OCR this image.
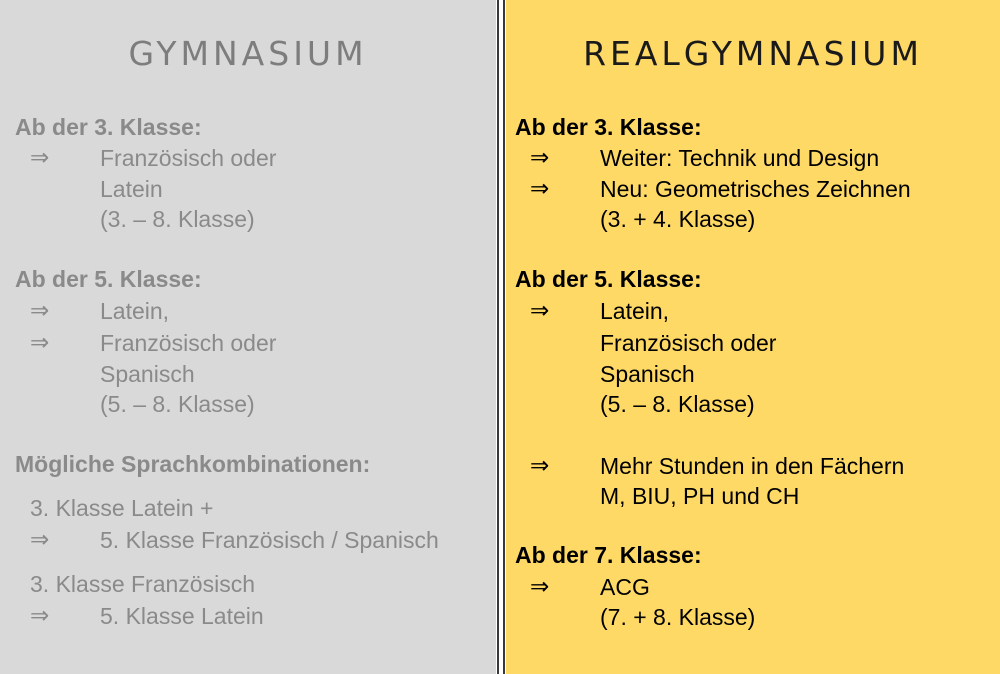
GYMNASIUM
Ab der 3. Klasse:
⇒ Französisch oder
Latein
(3. – 8. Klasse)
Ab der 5. Klasse:
⇒ Latein,
⇒ Französisch oder
Spanisch
(5. – 8. Klasse)
Mögliche Sprachkombinationen:
3. Klasse Latein +
⇒ 5. Klasse Französisch / Spanisch
3. Klasse Französisch
⇒ 5. Klasse Latein
REALGYMNASIUM
Ab der 3. Klasse:
⇒ Weiter: Technik und Design
⇒ Neu: Geometrisches Zeichnen
(3. + 4. Klasse)
Ab der 5. Klasse:
⇒ Latein,
Französisch oder
Spanisch
(5. – 8. Klasse)
⇒ Mehr Stunden in den Fächern
M, BIU, PH und CH
Ab der 7. Klasse:
⇒ ACG
(7. + 8. Klasse)
